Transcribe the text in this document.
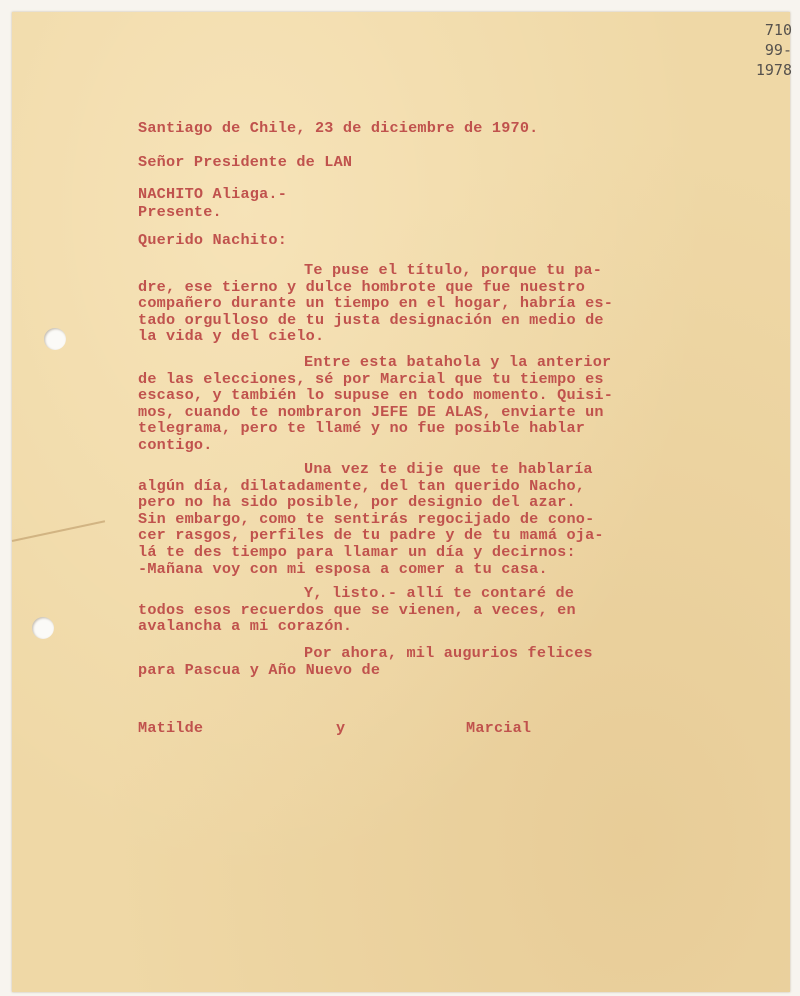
710
99-1978
Santiago de Chile, 23 de diciembre de 1970.
Señor Presidente de LAN
NACHITO Aliaga.-
Presente.
Querido Nachito:
Te puse el título, porque tu pa-
dre, ese tierno y dulce hombrote que fue nuestro
compañero durante un tiempo en el hogar, habría es-
tado orgulloso de tu justa designación en medio de
la vida y del cielo.
Entre esta batahola y la anterior
de las elecciones, sé por Marcial que tu tiempo es
escaso, y también lo supuse en todo momento. Quisi-
mos, cuando te nombraron JEFE DE ALAS, enviarte un
telegrama, pero te llamé y no fue posible hablar
contigo.
Una vez te dije que te hablaría
algún día, dilatadamente, del tan querido Nacho,
pero no ha sido posible, por designio del azar.
Sin embargo, como te sentirás regocijado de cono-
cer rasgos, perfiles de tu padre y de tu mamá ojа-
lá te des tiempo para llamar un día y decirnos:
-Mañana voy con mi esposa a comer a tu casa.
Y, listo.- allí te contaré de
todos esos recuerdos que se vienen, a veces, en
avalancha a mi corazón.
Por ahora, mil augurios felices
para Pascua y Año Nuevo de
Matilde	y	Marcial
